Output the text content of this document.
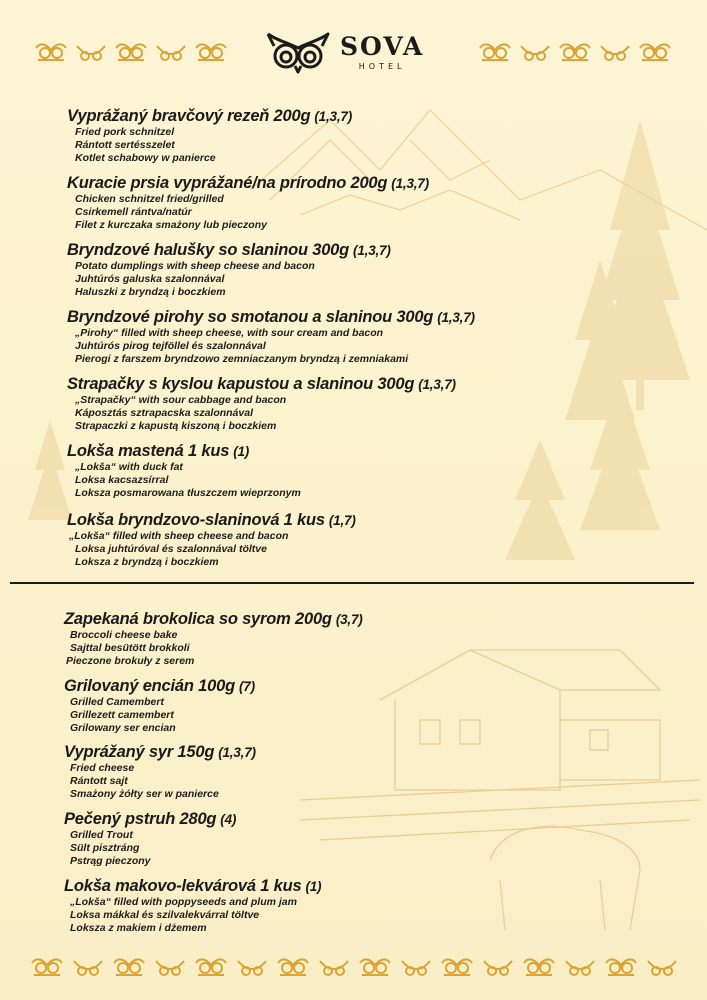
SOVA
HOTEL
Vyprážaný bravčový rezeň 200g (1,3,7)
Fried pork schnitzel
Rántott sertésszelet
Kotlet schabowy w panierce
Kuracie prsia vyprážané/na prírodno 200g (1,3,7)
Chicken schnitzel fried/grilled
Csirkemell rántva/natúr
Filet z kurczaka smażony lub pieczony
Bryndzové halušky so slaninou 300g (1,3,7)
Potato dumplings with sheep cheese and bacon
Juhtúrós galuska szalonnával
Haluszki z bryndzą i boczkiem
Bryndzové pirohy so smotanou a slaninou 300g (1,3,7)
„Pirohy“ filled with sheep cheese, with sour cream and bacon
Juhtúrós pirog tejföllel és szalonnával
Pierogi z farszem bryndzowo zemniaczanym bryndzą i zemniakami
Strapačky s kyslou kapustou a slaninou 300g (1,3,7)
„Strapačky“ with sour cabbage and bacon
Káposztás sztrapacska szalonnával
Strapaczki z kapustą kiszoną i boczkiem
Lokša mastená 1 kus (1)
„Lokša“ with duck fat
Loksa kacsazsírral
Loksza posmarowana tłuszczem wieprzonym
Lokša bryndzovo-slaninová 1 kus (1,7)
„Lokša“ filled with sheep cheese and bacon
Loksa juhtúróval és szalonnával töltve
Loksza z bryndzą i boczkiem
Zapekaná brokolica so syrom 200g (3,7)
Broccoli cheese bake
Sajttal besütött brokkoli
Pieczone brokuły z serem
Grilovaný encián 100g (7)
Grilled Camembert
Grillezett camembert
Grilowany ser encian
Vyprážaný syr 150g (1,3,7)
Fried cheese
Rántott sajt
Smażony żółty ser w panierce
Pečený pstruh 280g (4)
Grilled Trout
Sült pisztráng
Pstrąg pieczony
Lokša makovo-lekvárová 1 kus (1)
„Lokša“ filled with poppyseeds and plum jam
Loksa mákkal és szilvalekvárral töltve
Loksza z makiem i dżemem
